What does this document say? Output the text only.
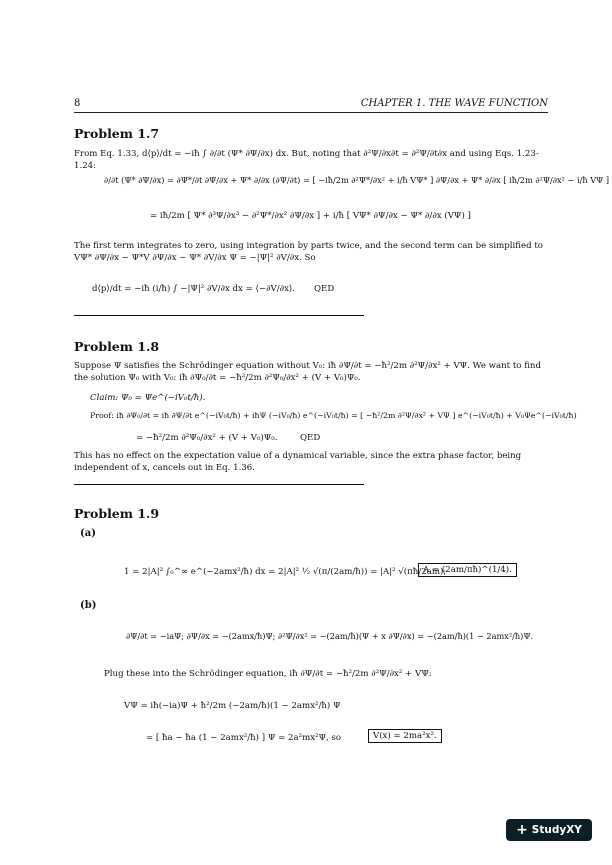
8	CHAPTER 1. THE WAVE FUNCTION
Problem 1.7
From Eq. 1.33, d⟨p⟩/dt = −iħ ∫ ∂/∂t (Ψ* ∂Ψ/∂x) dx. But, noting that ∂²Ψ/∂x∂t = ∂²Ψ/∂t∂x and using Eqs. 1.23-1.24:
∂/∂t (Ψ* ∂Ψ/∂x) = ∂Ψ*/∂t ∂Ψ/∂x + Ψ* ∂/∂x (∂Ψ/∂t) = [ −iħ/2m ∂²Ψ*/∂x² + i/ħ VΨ* ] ∂Ψ/∂x + Ψ* ∂/∂x [ iħ/2m ∂²Ψ/∂x² − i/ħ VΨ ]
= iħ/2m [ Ψ* ∂³Ψ/∂x³ − ∂²Ψ*/∂x² ∂Ψ/∂x ] + i/ħ [ VΨ* ∂Ψ/∂x − Ψ* ∂/∂x (VΨ) ]
The first term integrates to zero, using integration by parts twice, and the second term can be simplified to VΨ* ∂Ψ/∂x − Ψ*V ∂Ψ/∂x − Ψ* ∂V/∂x Ψ = −|Ψ|² ∂V/∂x. So
d⟨p⟩/dt = −iħ (i/ħ) ∫ −|Ψ|² ∂V/∂x dx = ⟨−∂V/∂x⟩. QED
Problem 1.8
Suppose Ψ satisfies the Schrödinger equation without V₀: iħ ∂Ψ/∂t = −ħ²/2m ∂²Ψ/∂x² + VΨ. We want to find the solution Ψ₀ with V₀: iħ ∂Ψ₀/∂t = −ħ²/2m ∂²Ψ₀/∂x² + (V + V₀)Ψ₀.
Claim: Ψ₀ = Ψe^(−iV₀t/ħ).
Proof: iħ ∂Ψ₀/∂t = iħ ∂Ψ/∂t e^(−iV₀t/ħ) + iħΨ (−iV₀/ħ) e^(−iV₀t/ħ) = [ −ħ²/2m ∂²Ψ/∂x² + VΨ ] e^(−iV₀t/ħ) + V₀Ψe^(−iV₀t/ħ)
= −ħ²/2m ∂²Ψ₀/∂x² + (V + V₀)Ψ₀.	QED
This has no effect on the expectation value of a dynamical variable, since the extra phase factor, being independent of x, cancels out in Eq. 1.36.
Problem 1.9
(a)
1 = 2|A|² ∫₀^∞ e^(−2amx²/ħ) dx = 2|A|² ½ √(π/(2am/ħ)) = |A|² √(πħ/2am);
A = (2am/πħ)^(1/4).
(b)
∂Ψ/∂t = −iaΨ; ∂Ψ/∂x = −(2amx/ħ)Ψ; ∂²Ψ/∂x² = −(2am/ħ)(Ψ + x ∂Ψ/∂x) = −(2am/ħ)(1 − 2amx²/ħ)Ψ.
Plug these into the Schrödinger equation, iħ ∂Ψ/∂t = −ħ²/2m ∂²Ψ/∂x² + VΨ:
VΨ = iħ(−ia)Ψ + ħ²/2m (−2am/ħ)(1 − 2amx²/ħ) Ψ
= [ ħa − ħa (1 − 2amx²/ħ) ] Ψ = 2a²mx²Ψ, so	V(x) = 2ma²x².
+ StudyXY
